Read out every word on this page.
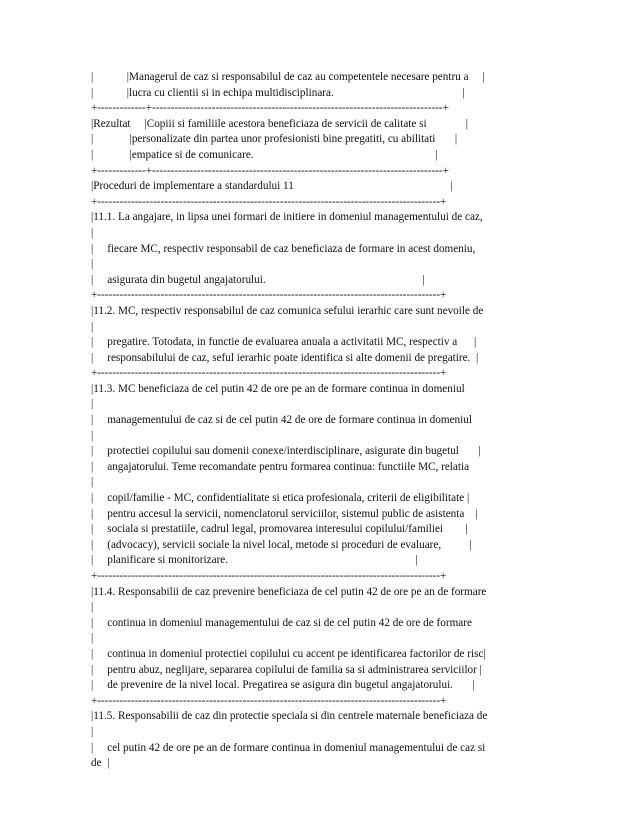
|            |Managerul de caz si responsabilul de caz au competentele necesare pentru a     |
|            |lucra cu clientii si in echipa multidisciplinara.                                              |
+-------------+------------------------------------------------------------------------------+
|Rezultat     |Copiii si familiile acestora beneficiaza de servicii de calitate si              |
|             |personalizate din partea unor profesionisti bine pregatiti, cu abilitati       |
|             |empatice si de comunicare.                                                                 |
+-------------+------------------------------------------------------------------------------+
|Proceduri de implementare a standardului 11                                                        |
+--------------------------------------------------------------------------------------------+
|11.1. La angajare, in lipsa unei formari de initiere in domeniul managementului de caz,
|
|     fiecare MC, respectiv responsabil de caz beneficiaza de formare in acest domeniu,
|
|     asigurata din bugetul angajatorului.                                                        |
+--------------------------------------------------------------------------------------------+
|11.2. MC, respectiv responsabilul de caz comunica sefului ierarhic care sunt nevoile de
|
|     pregatire. Totodata, in functie de evaluarea anuala a activitatii MC, respectiv a      |
|     responsabilului de caz, seful ierarhic poate identifica si alte domenii de pregatire.  |
+--------------------------------------------------------------------------------------------+
|11.3. MC beneficiaza de cel putin 42 de ore pe an de formare continua in domeniul
|
|     managementului de caz si de cel putin 42 de ore de formare continua in domeniul
|
|     protectiei copilului sau domenii conexe/interdisciplinare, asigurate din bugetul       |
|     angajatorului. Teme recomandate pentru formarea continua: functiile MC, relatia
|
|     copil/familie - MC, confidentialitate si etica profesionala, criterii de eligibilitate |
|     pentru accesul la servicii, nomenclatorul serviciilor, sistemul public de asistenta    |
|     sociala si prestatiile, cadrul legal, promovarea interesului copilului/familiei        |
|     (advocacy), servicii sociale la nivel local, metode si proceduri de evaluare,          |
|     planificare si monitorizare.                                                                   |
+--------------------------------------------------------------------------------------------+
|11.4. Responsabilii de caz prevenire beneficiaza de cel putin 42 de ore pe an de formare
|
|     continua in domeniul managementului de caz si de cel putin 42 de ore de formare
|
|     continua in domeniul protectiei copilului cu accent pe identificarea factorilor de risc|
|     pentru abuz, neglijare, separarea copilului de familia sa si administrarea serviciilor |
|     de prevenire de la nivel local. Pregatirea se asigura din bugetul angajatorului.       |
+--------------------------------------------------------------------------------------------+
|11.5. Responsabilii de caz din protectie speciala si din centrele maternale beneficiaza de
|
|     cel putin 42 de ore pe an de formare continua in domeniul managementului de caz si
de  |
